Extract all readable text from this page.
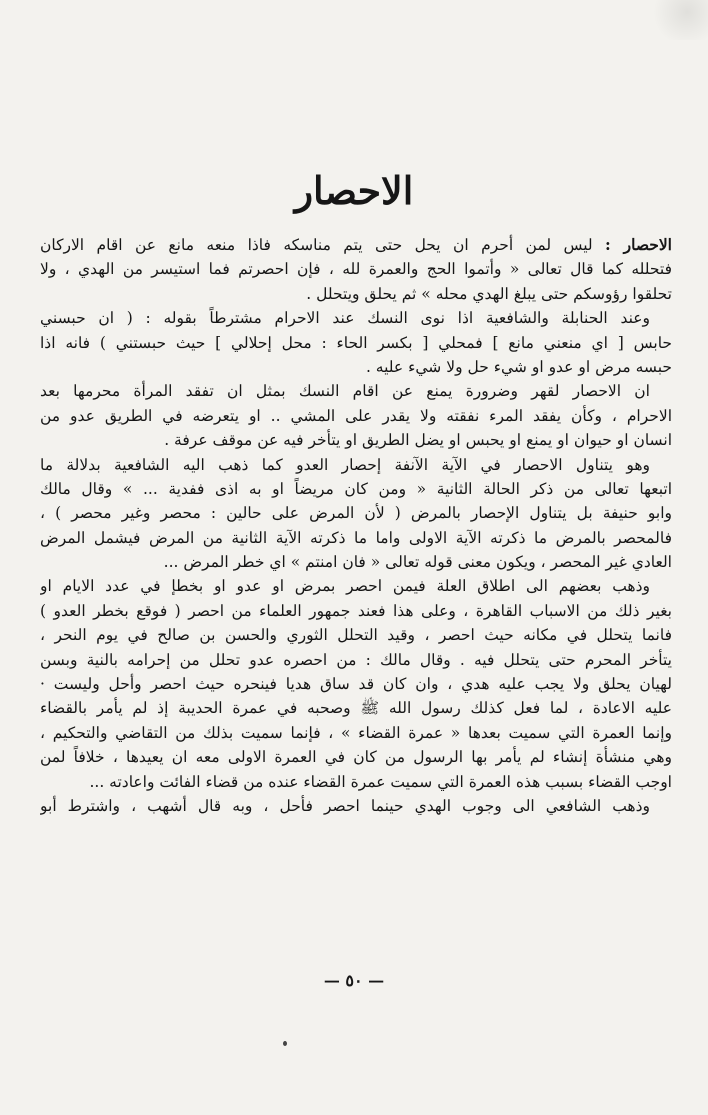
الاحصار
الاحصار : ليس لمن أحرم ان يحل حتى يتم مناسكه فاذا منعه مانع عن اقام الاركان
فتحلله كما قال تعالى « وأتموا الحج والعمرة لله ، فإن احصرتم فما استيسر من الهدي ، ولا
تحلقوا رؤوسكم حتى يبلغ الهدي محله » ثم يحلق ويتحلل .
وعند الحنابلة والشافعية اذا نوى النسك عند الاحرام مشترطاً بقوله : ( ان حبسني
حابس [ اي منعني مانع ] فمحلي [ بكسر الحاء : محل إحلالي ] حيث حبستني ) فانه اذا
حبسه مرض او عدو او شيء حل ولا شيء عليه .
ان الاحصار لقهر وضرورة يمنع عن اقام النسك بمثل ان تفقد المرأة محرمها بعد
الاحرام ، وكأن يفقد المرء نفقته ولا يقدر على المشي .. او يتعرضه في الطريق عدو من
انسان او حيوان او يمنع او يحبس او يضل الطريق او يتأخر فيه عن موقف عرفة .
وهو يتناول الاحصار في الآية الآنفة إحصار العدو كما ذهب اليه الشافعية بدلالة ما
اتبعها تعالى من ذكر الحالة الثانية « ومن كان مريضاً او به اذى ففدية ... » وقال مالك
وابو حنيفة بل يتناول الإحصار بالمرض ( لأن المرض على حالين : محصر وغير محصر ) ،
فالمحصر بالمرض ما ذكرته الآية الاولى واما ما ذكرته الآية الثانية من المرض فيشمل المرض
العادي غير المحصر ، ويكون معنى قوله تعالى « فان امنتم » اي خطر المرض ...
وذهب بعضهم الى اطلاق العلة فيمن احصر بمرض او عدو او بخطإ في عدد الايام او
بغير ذلك من الاسباب القاهرة ، وعلى هذا فعند جمهور العلماء من احصر ( فوقع بخطر العدو )
فانما يتحلل في مكانه حيث احصر ، وقيد التحلل الثوري والحسن بن صالح في يوم النحر ،
يتأخر المحرم حتى يتحلل فيه . وقال مالك : من احصره عدو تحلل من إحرامه بالنية وبسن
لهيان يحلق ولا يجب عليه هدي ، وان كان قد ساق هديا فينحره حيث احصر وأحل وليست ·
عليه الاعادة ، لما فعل كذلك رسول الله ﷺ وصحبه في عمرة الحديبة إذ لم يأمر بالقضاء
وإنما العمرة التي سميت بعدها « عمرة القضاء » ، فإنما سميت بذلك من التقاضي والتحكيم ،
وهي منشأة إنشاء لم يأمر بها الرسول من كان في العمرة الاولى معه ان يعيدها ، خلافاً لمن
اوجب القضاء بسبب هذه العمرة التي سميت عمرة القضاء عنده من قضاء الفائت واعادته ...
وذهب الشافعي الى وجوب الهدي حينما احصر فأحل ، وبه قال أشهب ، واشترط أبو
— ٥٠ —
